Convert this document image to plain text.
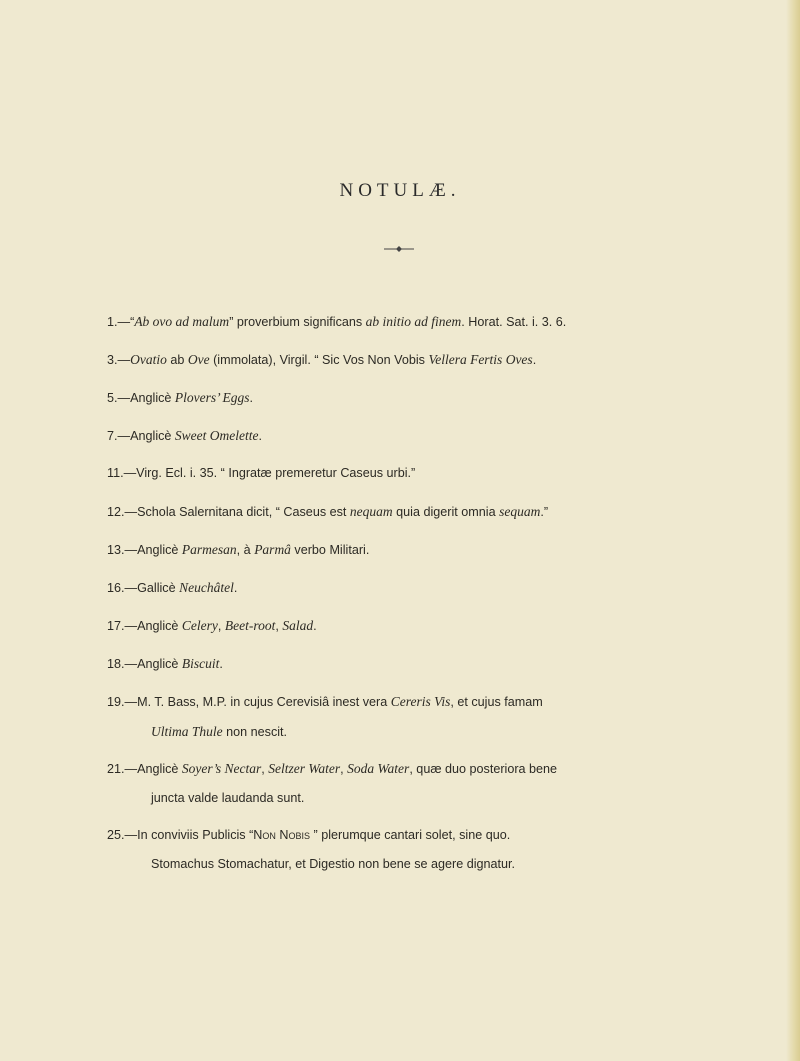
NOTULÆ.
1.—“Ab ovo ad malum” proverbium significans ab initio ad finem. Horat. Sat. i. 3. 6.
3.—Ovatio ab Ove (immolata), Virgil. “ Sic Vos Non Vobis Vellera Fertis Oves.
5.—Anglicè Plovers’ Eggs.
7.—Anglicè Sweet Omelette.
11.—Virg. Ecl. i. 35. “ Ingratæ premeretur Caseus urbi.”
12.—Schola Salernitana dicit, “ Caseus est nequam quia digerit omnia sequam.”
13.—Anglicè Parmesan, à Parmâ verbo Militari.
16.—Gallicè Neuchâtel.
17.—Anglicè Celery, Beet-root, Salad.
18.—Anglicè Biscuit.
19.—M. T. Bass, M.P. in cujus Cerevisiâ inest vera Cereris Vis, et cujus famam
Ultima Thule non nescit.
21.—Anglicè Soyer’s Nectar, Seltzer Water, Soda Water, quæ duo posteriora bene
juncta valde laudanda sunt.
25.—In conviviis Publicis “Non Nobis ” plerumque cantari solet, sine quo.
Stomachus Stomachatur, et Digestio non bene se agere dignatur.
